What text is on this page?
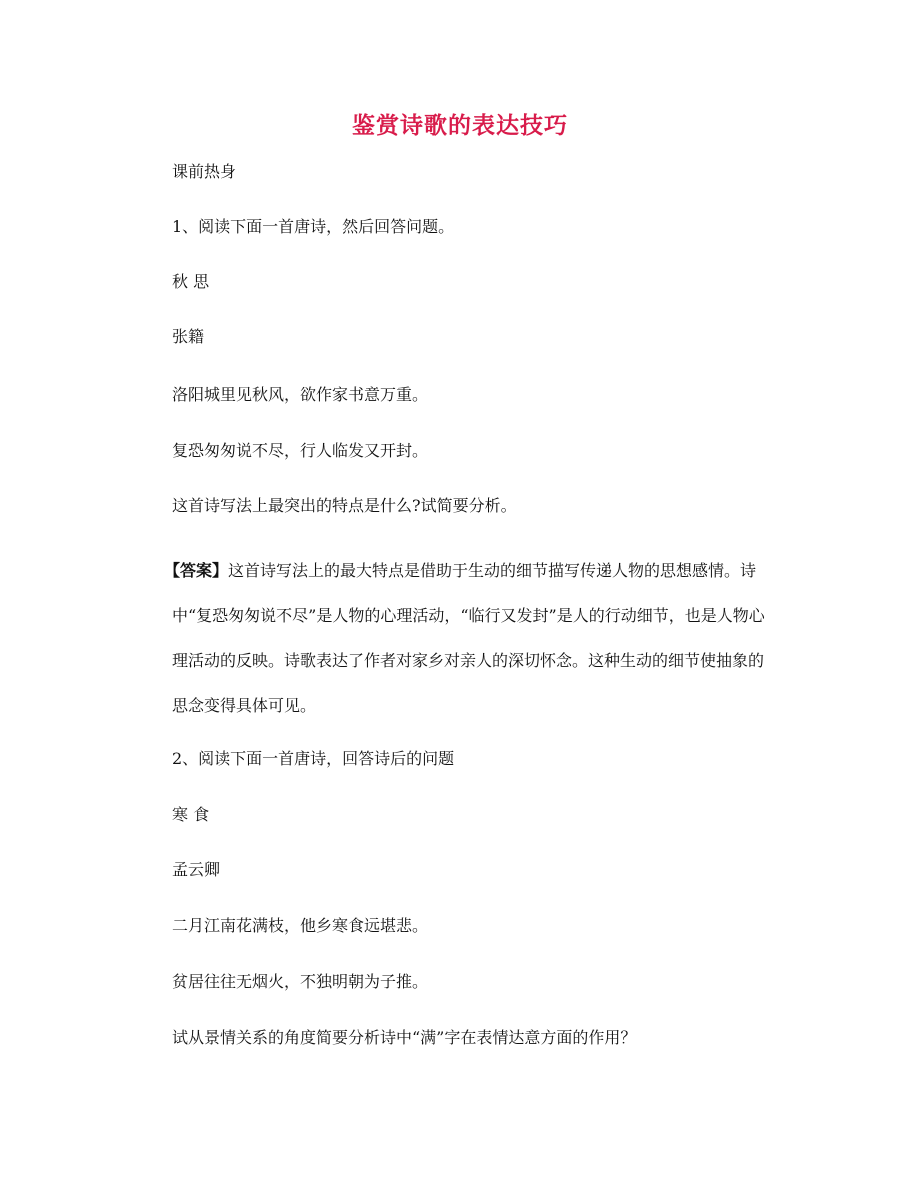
鉴赏诗歌的表达技巧
课前热身
1、阅读下面一首唐诗，然后回答问题。
秋 思
张籍
洛阳城里见秋风，欲作家书意万重。
复恐匆匆说不尽，行人临发又开封。
这首诗写法上最突出的特点是什么?试简要分析。
【答案】这首诗写法上的最大特点是借助于生动的细节描写传递人物的思想感情。诗中“复恐匆匆说不尽”是人物的心理活动，“临行又发封”是人的行动细节，也是人物心理活动的反映。诗歌表达了作者对家乡对亲人的深切怀念。这种生动的细节使抽象的思念变得具体可见。
2、阅读下面一首唐诗，回答诗后的问题
寒 食
孟云卿
二月江南花满枝，他乡寒食远堪悲。
贫居往往无烟火，不独明朝为子推。
试从景情关系的角度简要分析诗中“满”字在表情达意方面的作用？
